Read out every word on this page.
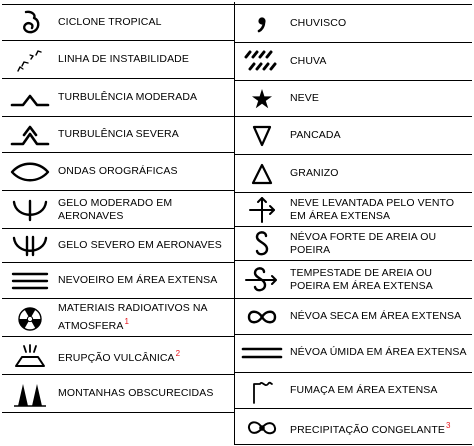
CICLONE TROPICAL
LINHA DE INSTABILIDADE
TURBULÊNCIA MODERADA
TURBULÊNCIA SEVERA
ONDAS OROGRÁFICAS
GELO MODERADO EM AERONAVES
GELO SEVERO EM AERONAVES
NEVOEIRO EM ÁREA EXTENSA
MATERIAIS RADIOATIVOS NA ATMOSFERA$^1$
ERUPÇÃO VULCÂNICA$^2$
MONTANHAS OBSCURECIDAS
CHUVISCO
CHUVA
NEVE
PANCADA
GRANIZO
NEVE LEVANTADA PELO VENTO EM ÁREA EXTENSA
NÉVOA FORTE DE AREIA OU POEIRA
TEMPESTADE DE AREIA OU POEIRA EM ÁREA EXTENSA
NÉVOA SECA EM ÁREA EXTENSA
NÉVOA ÚMIDA EM ÁREA EXTENSA
FUMAÇA EM ÁREA EXTENSA
PRECIPITAÇÃO CONGELANTE$^3$
